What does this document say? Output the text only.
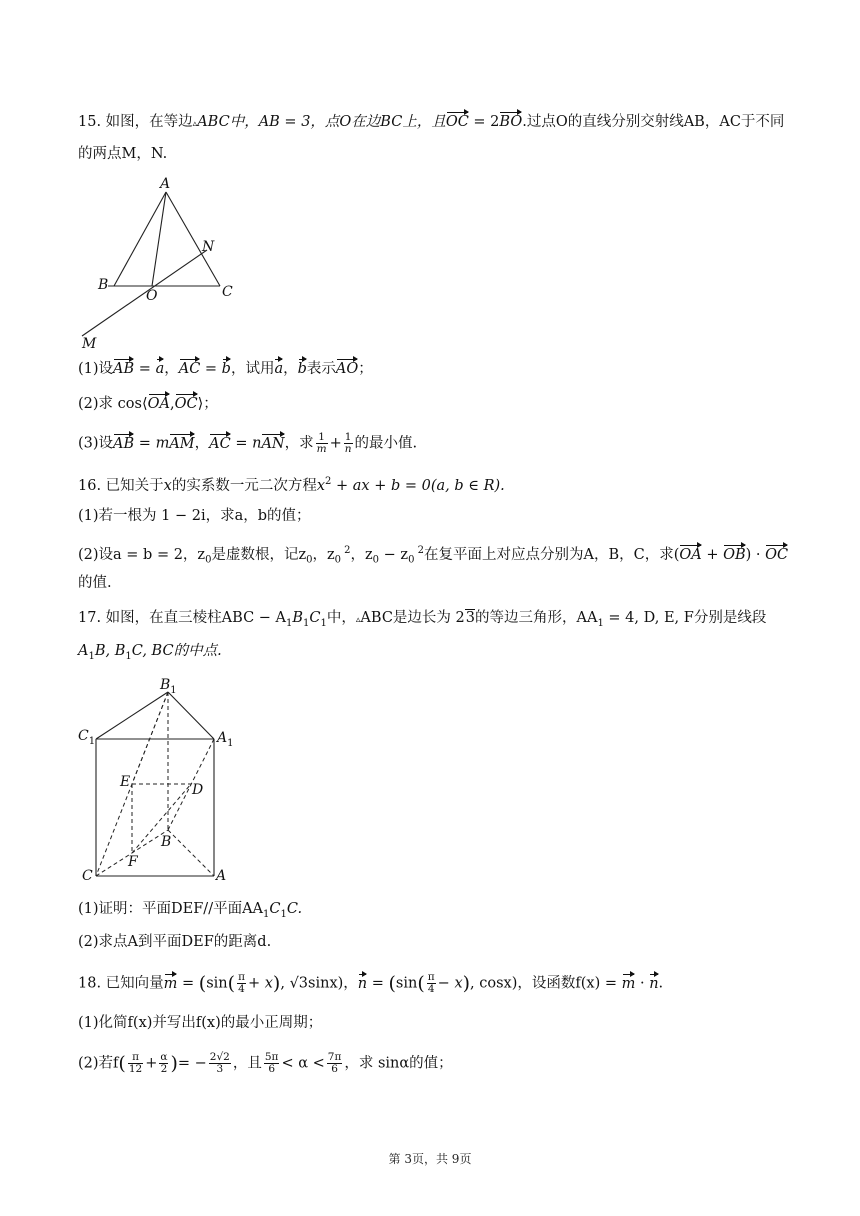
15. 如图，在等边▵ABC中，AB = 3，点O在边BC上，且OC = 2BO.过点O的直线分别交射线AB，AC于不同
的两点M，N.
A
B	C
O
N
M
(1)设AB = a，AC = b，试用a，b表示AO；
(2)求 cos⟨OA,OC⟩；
(3)设AB = mAM，AC = nAN，求 $\frac{1}{m} + \frac{1}{n}$ 的最小值.
16. 已知关于x的实系数一元二次方程$x^2$ + ax + b = 0(a, b ∈ R).
(1)若一根为 1 − 2i，求a，b的值；
(2)设a = b = 2，$z_0$是虚数根，记$z_0$，$z_0$ $^2$，$z_0 - z_0$ $^2$在复平面上对应点分别为A，B，C，求(OA + OB) · OC
的值.
17. 如图，在直三棱柱ABC − $A_1B_1C_1$中，▵ABC是边长为 23的等边三角形，$AA_1 = 4$, D, E, F分别是线段
$A_1B$, $B_1C$, BC的中点.
$B_1$
$C_1$	$A_1$
E	D
B
F
C	A
(1)证明：平面DEF//平面$AA_1C_1C$.
(2)求点A到平面DEF的距离d.
18. 已知向量$m = (\sin( \frac{\pi}{4} + x)$, √3sinx)，$n = (\sin( \frac{\pi}{4} - x)$, cosx)，设函数f(x) = m · n.
(1)化简f(x)并写出f(x)的最小正周期；
(2)若$f( \frac{\pi}{12} + \frac{\alpha}{2}$ )= − $\frac{2√2}{3}$ ，且 $\frac{5\pi}{6} < \alpha < \frac{7\pi}{6}$ ，求 sinα的值；
第 3页，共 9页
